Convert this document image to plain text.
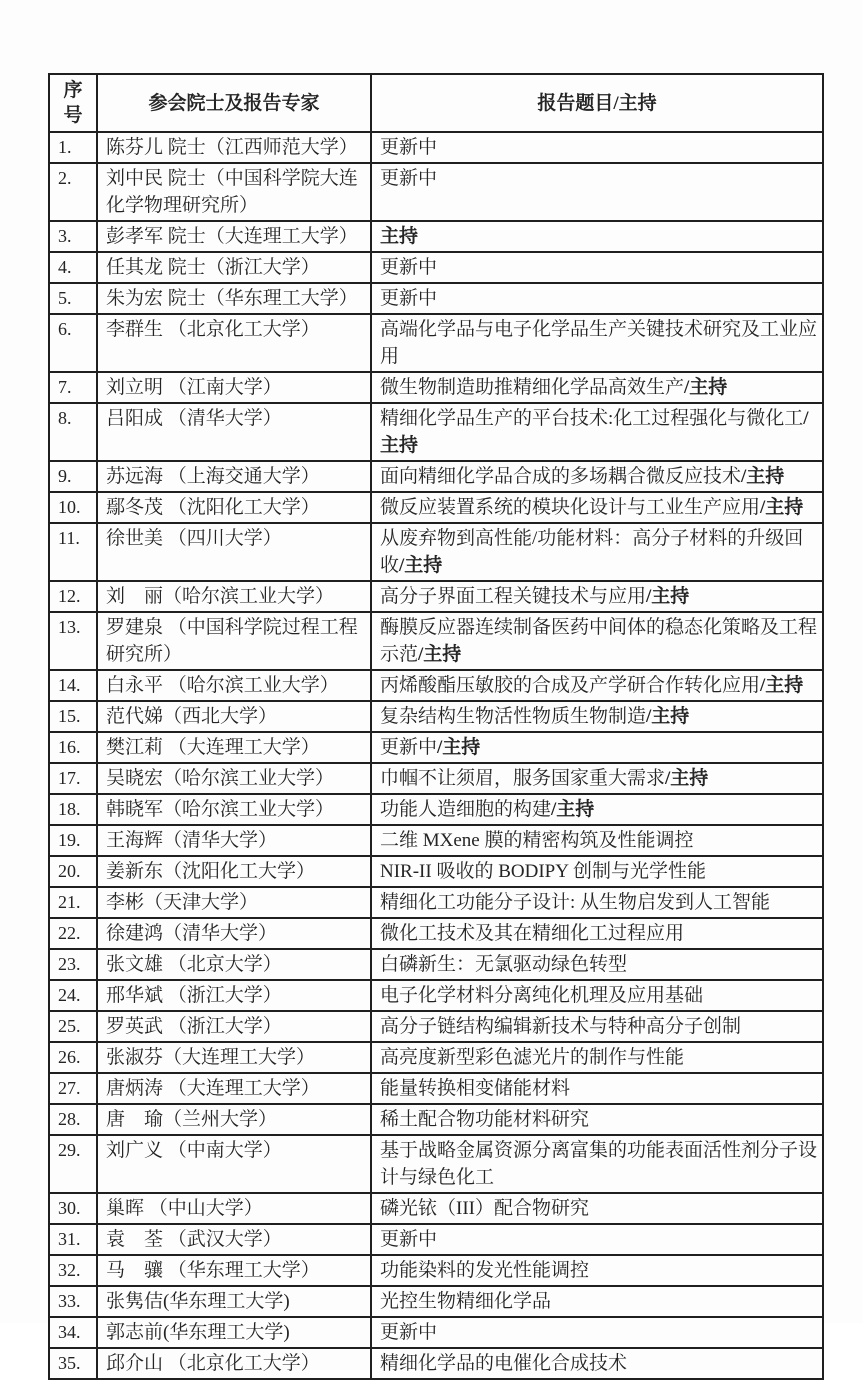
序号	参会院士及报告专家	报告题目/主持
1.	陈芬儿 院士（江西师范大学）	更新中
2.	刘中民 院士（中国科学院大连化学物理研究所）	更新中
3.	彭孝军 院士（大连理工大学）	主持
4.	任其龙 院士（浙江大学）	更新中
5.	朱为宏 院士（华东理工大学）	更新中
6.	李群生 （北京化工大学）	高端化学品与电子化学品生产关键技术研究及工业应用
7.	刘立明 （江南大学）	微生物制造助推精细化学品高效生产/主持
8.	吕阳成 （清华大学）	精细化学品生产的平台技术:化工过程强化与微化工/主持
9.	苏远海 （上海交通大学）	面向精细化学品合成的多场耦合微反应技术/主持
10.	鄢冬茂 （沈阳化工大学）	微反应装置系统的模块化设计与工业生产应用/主持
11.	徐世美 （四川大学）	从废弃物到高性能/功能材料：高分子材料的升级回收/主持
12.	刘　丽（哈尔滨工业大学）	高分子界面工程关键技术与应用/主持
13.	罗建泉 （中国科学院过程工程研究所）	酶膜反应器连续制备医药中间体的稳态化策略及工程示范/主持
14.	白永平 （哈尔滨工业大学）	丙烯酸酯压敏胶的合成及产学研合作转化应用/主持
15.	范代娣（西北大学）	复杂结构生物活性物质生物制造/主持
16.	樊江莉 （大连理工大学）	更新中/主持
17.	吴晓宏（哈尔滨工业大学）	巾帼不让须眉，服务国家重大需求/主持
18.	韩晓军（哈尔滨工业大学）	功能人造细胞的构建/主持
19.	王海辉（清华大学）	二维 MXene 膜的精密构筑及性能调控
20.	姜新东（沈阳化工大学）	NIR-II 吸收的 BODIPY 创制与光学性能
21.	李彬（天津大学）	精细化工功能分子设计: 从生物启发到人工智能
22.	徐建鸿（清华大学）	微化工技术及其在精细化工过程应用
23.	张文雄 （北京大学）	白磷新生：无氯驱动绿色转型
24.	邢华斌 （浙江大学）	电子化学材料分离纯化机理及应用基础
25.	罗英武 （浙江大学）	高分子链结构编辑新技术与特种高分子创制
26.	张淑芬（大连理工大学）	高亮度新型彩色滤光片的制作与性能
27.	唐炳涛 （大连理工大学）	能量转换相变储能材料
28.	唐　瑜（兰州大学）	稀土配合物功能材料研究
29.	刘广义 （中南大学）	基于战略金属资源分离富集的功能表面活性剂分子设计与绿色化工
30.	巢晖 （中山大学）	磷光铱（III）配合物研究
31.	袁　荃 （武汉大学）	更新中
32.	马　骧 （华东理工大学）	功能染料的发光性能调控
33.	张隽佶(华东理工大学)	光控生物精细化学品
34.	郭志前(华东理工大学)	更新中
35.	邱介山 （北京化工大学）	精细化学品的电催化合成技术
